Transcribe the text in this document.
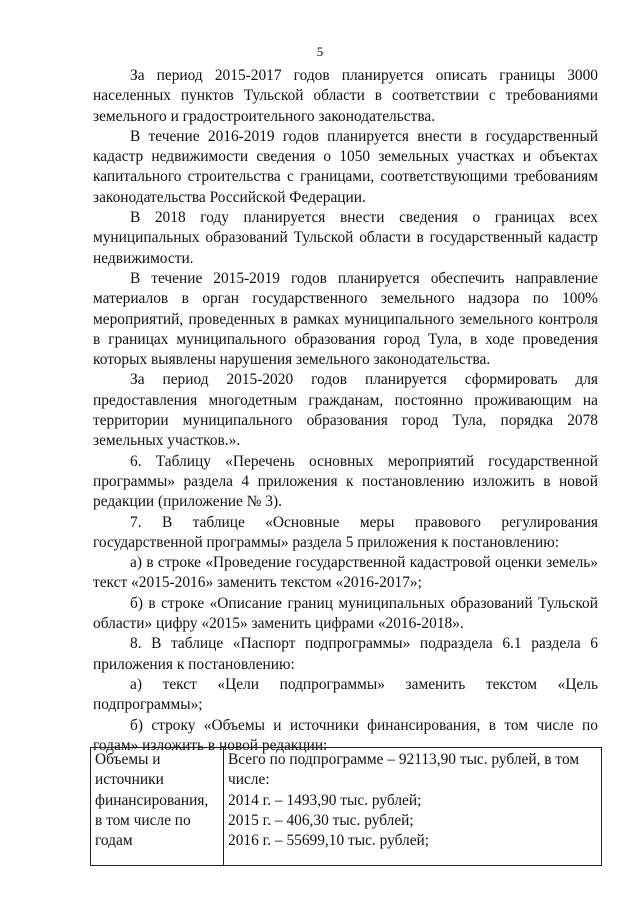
5

За период 2015-2017 годов планируется описать границы 3000 населенных пунктов Тульской области в соответствии с требованиями земельного и градостроительного законодательства.

В течение 2016-2019 годов планируется внести в государственный кадастр недвижимости сведения о 1050 земельных участках и объектах капитального строительства с границами, соответствующими требованиям законодательства Российской Федерации.

В 2018 году планируется внести сведения о границах всех муниципальных образований Тульской области в государственный кадастр недвижимости.

В течение 2015-2019 годов планируется обеспечить направление материалов в орган государственного земельного надзора по 100% мероприятий, проведенных в рамках муниципального земельного контроля в границах муниципального образования город Тула, в ходе проведения которых выявлены нарушения земельного законодательства.

За период 2015-2020 годов планируется сформировать для предоставления многодетным гражданам, постоянно проживающим на территории муниципального образования город Тула, порядка 2078 земельных участков.».

6. Таблицу «Перечень основных мероприятий государственной программы» раздела 4 приложения к постановлению изложить в новой редакции (приложение № 3).

7. В таблице «Основные меры правового регулирования государственной программы» раздела 5 приложения к постановлению:

а) в строке «Проведение государственной кадастровой оценки земель» текст «2015-2016» заменить текстом «2016-2017»;

б) в строке «Описание границ муниципальных образований Тульской области» цифру «2015» заменить цифрами «2016-2018».

8. В таблице «Паспорт подпрограммы» подраздела 6.1 раздела 6 приложения к постановлению:

а) текст «Цели подпрограммы» заменить текстом «Цель подпрограммы»;

б) строку «Объемы и источники финансирования, в том числе по годам» изложить в новой редакции:

Объемы и
источники
финансирования,
в том числе по
годам

Всего по подпрограмме – 92113,90 тыс. рублей, в том
числе:
2014 г. – 1493,90 тыс. рублей;
2015 г. – 406,30 тыс. рублей;
2016 г. – 55699,10 тыс. рублей;
